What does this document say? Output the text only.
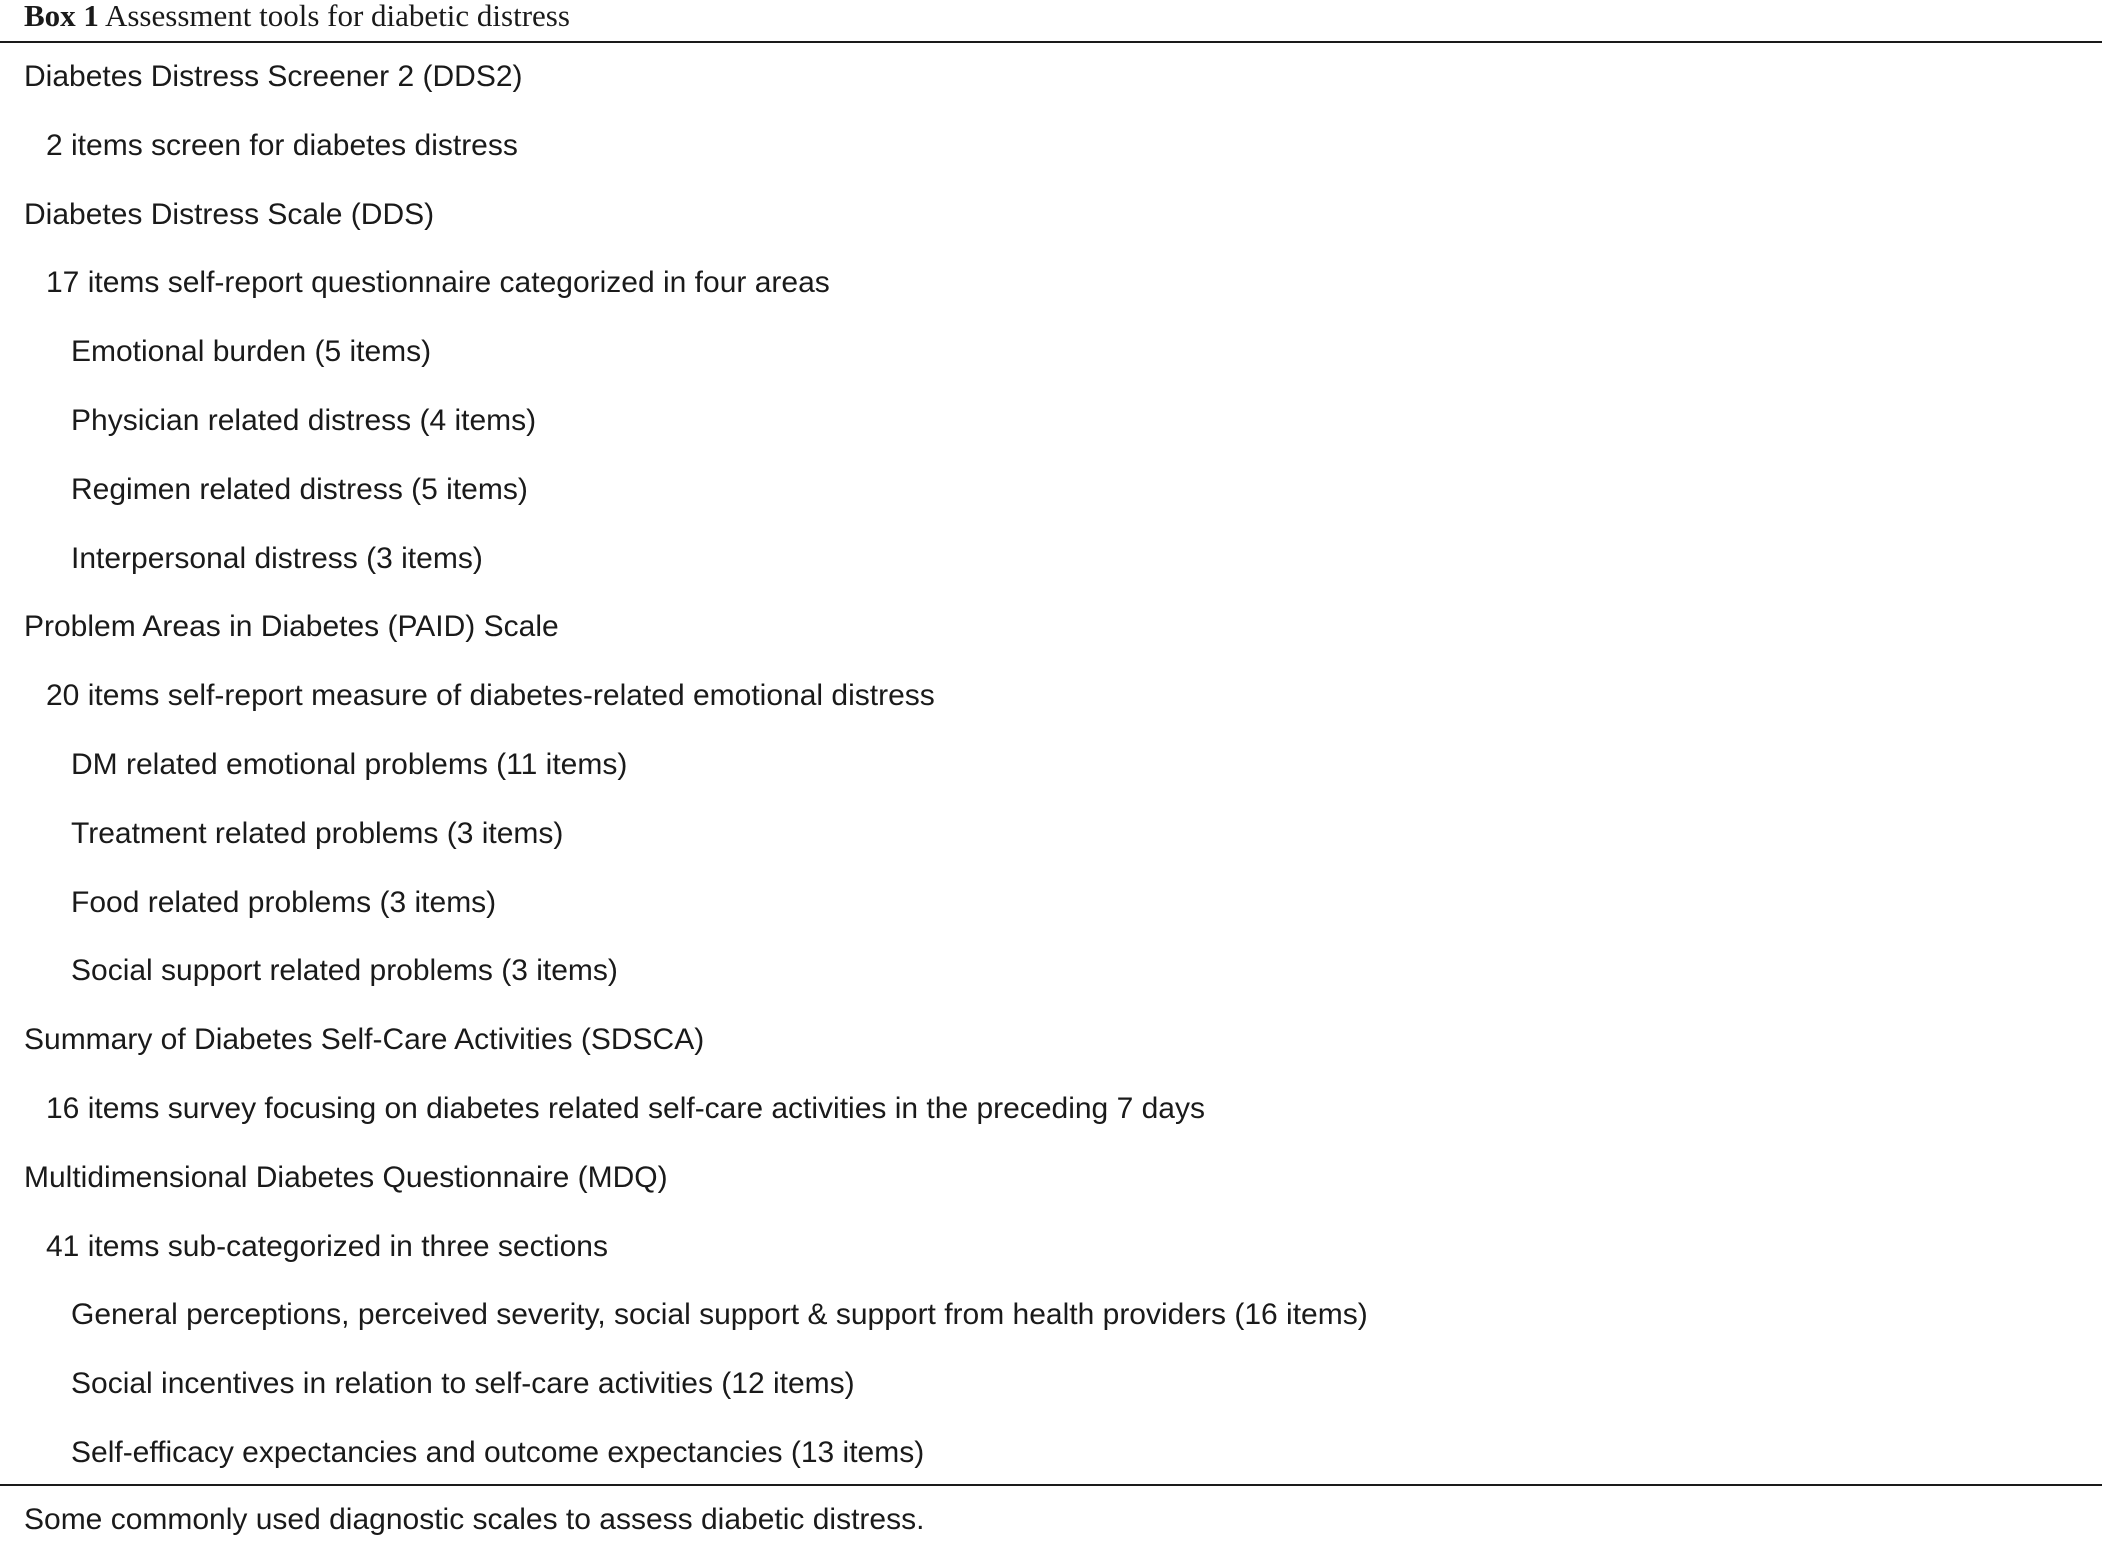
Box 1 Assessment tools for diabetic distress
Diabetes Distress Screener 2 (DDS2)
2 items screen for diabetes distress
Diabetes Distress Scale (DDS)
17 items self-report questionnaire categorized in four areas
Emotional burden (5 items)
Physician related distress (4 items)
Regimen related distress (5 items)
Interpersonal distress (3 items)
Problem Areas in Diabetes (PAID) Scale
20 items self-report measure of diabetes-related emotional distress
DM related emotional problems (11 items)
Treatment related problems (3 items)
Food related problems (3 items)
Social support related problems (3 items)
Summary of Diabetes Self-Care Activities (SDSCA)
16 items survey focusing on diabetes related self-care activities in the preceding 7 days
Multidimensional Diabetes Questionnaire (MDQ)
41 items sub-categorized in three sections
General perceptions, perceived severity, social support & support from health providers (16 items)
Social incentives in relation to self-care activities (12 items)
Self-efficacy expectancies and outcome expectancies (13 items)
Some commonly used diagnostic scales to assess diabetic distress.
